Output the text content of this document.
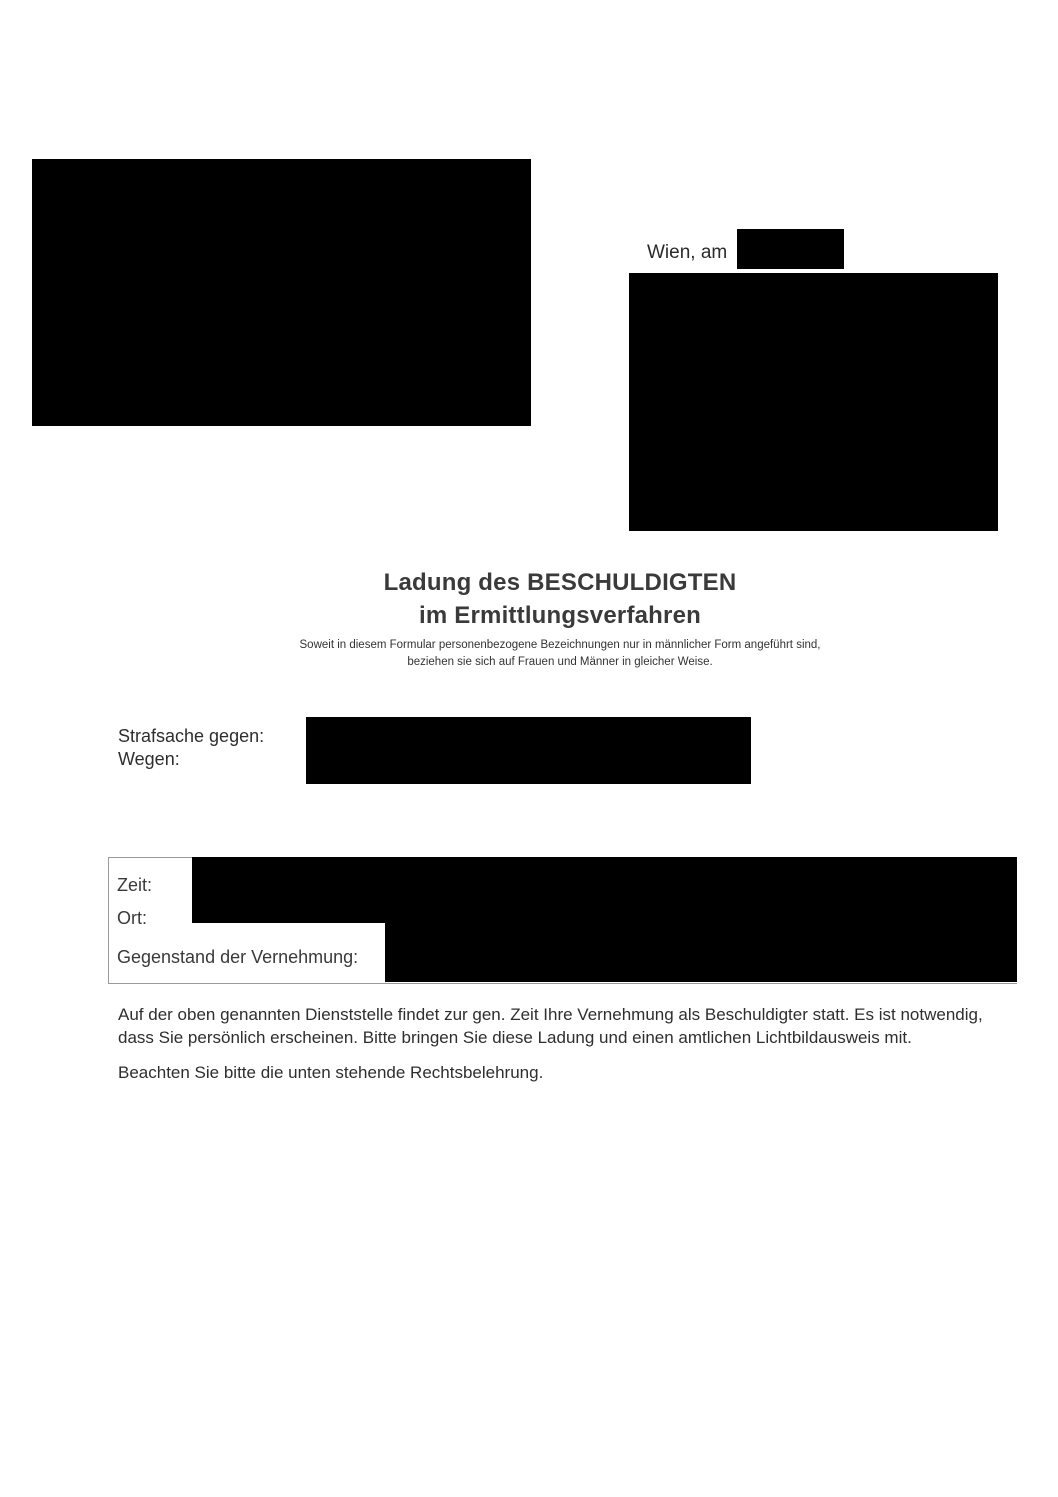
Wien, am
Ladung des BESCHULDIGTEN
im Ermittlungsverfahren
Soweit in diesem Formular personenbezogene Bezeichnungen nur in männlicher Form angeführt sind,
beziehen sie sich auf Frauen und Männer in gleicher Weise.
Strafsache gegen:
Wegen:
Zeit:
Ort:
Gegenstand der Vernehmung:

Auf der oben genannten Dienststelle findet zur gen. Zeit Ihre Vernehmung als Beschuldigter statt. Es ist notwendig, dass Sie persönlich erscheinen. Bitte bringen Sie diese Ladung und einen amtlichen Lichtbildausweis mit.

Beachten Sie bitte die unten stehende Rechtsbelehrung.
